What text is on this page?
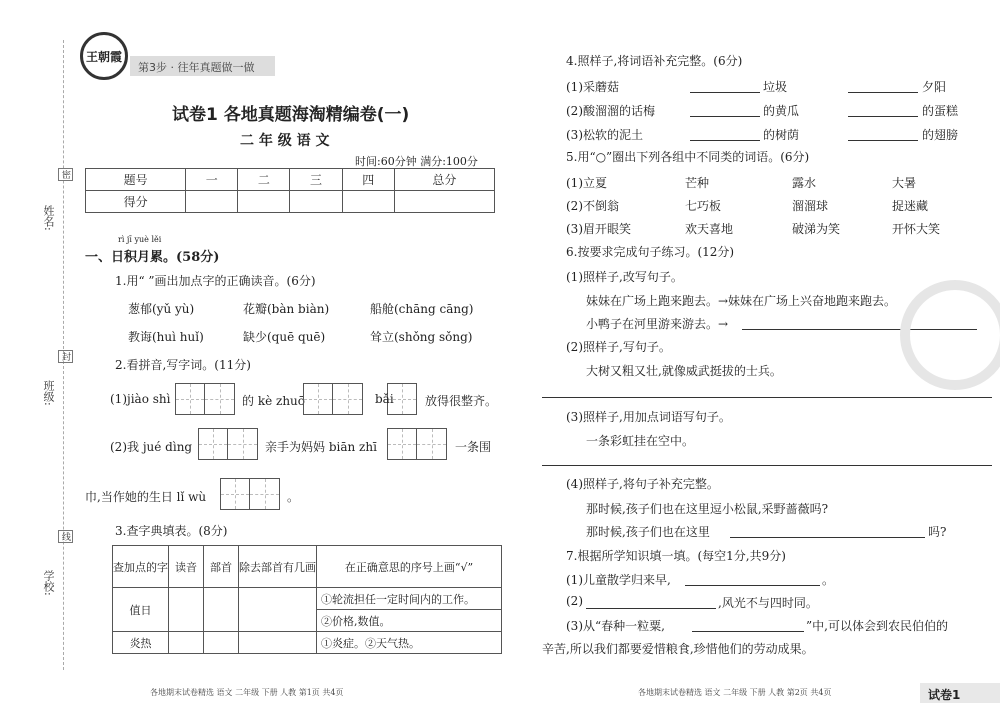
姓名:
班级:
学校:
密
封
线
王朝霞
第3步 · 往年真题做一做
试卷1 各地真题海淘精编卷(一)
二 年 级 语 文
时间:60分钟 满分:100分
题号	一	二	三	四	总分
得分					
rì jī yuè lěi
一、日积月累。(58分)
1.用“ ”画出加点字的正确读音。(6分)
葱郁(yǔ yù)	花瓣(bàn biàn)	船舱(chāng cāng)
教诲(huì huǐ)	缺少(quē quē)	耸立(shǒng sǒng)
2.看拼音,写字词。(11分)
(1)jiào shì	的 kè zhuō	bǎi	放得很整齐。
(2)我 jué dìng	亲手为妈妈 biān zhī	一条围
巾,当作她的生日 lǐ wù	。
3.查字典填表。(8分)
查加点的字	读音	部首	除去部首有几画	在正确意思的序号上画“√”
值日				①轮流担任一定时间内的工作。
				②价格,数值。
炎热				①炎症。②天气热。
各地期末试卷精选 语文 二年级 下册 人教 第1页 共4页
4.照样子,将词语补充完整。(6分)
(1)采蘑菇	垃圾	夕阳
(2)酸溜溜的话梅	的黄瓜	的蛋糕
(3)松软的泥土	的树荫	的翅膀
5.用“○”圈出下列各组中不同类的词语。(6分)
(1)立夏	芒种	露水	大暑
(2)不倒翁	七巧板	溜溜球	捉迷藏
(3)眉开眼笑	欢天喜地	破涕为笑	开怀大笑
6.按要求完成句子练习。(12分)
(1)照样子,改写句子。
妹妹在广场上跑来跑去。→妹妹在广场上兴奋地跑来跑去。
小鸭子在河里游来游去。→
(2)照样子,写句子。
大树又粗又壮,就像威武挺拔的士兵。
(3)照样子,用加点词语写句子。
一条彩虹挂在空中。
(4)照样子,将句子补充完整。
那时候,孩子们也在这里逗小松鼠,采野蔷薇吗?
那时候,孩子们也在这里	吗?
7.根据所学知识填一填。(每空1分,共9分)
(1)儿童散学归来早,	。
(2)	,风光不与四时同。
(3)从“春种一粒粟,	”中,可以体会到农民伯伯的
辛苦,所以我们都要爱惜粮食,珍惜他们的劳动成果。
各地期末试卷精选 语文 二年级 下册 人教 第2页 共4页	试卷1
